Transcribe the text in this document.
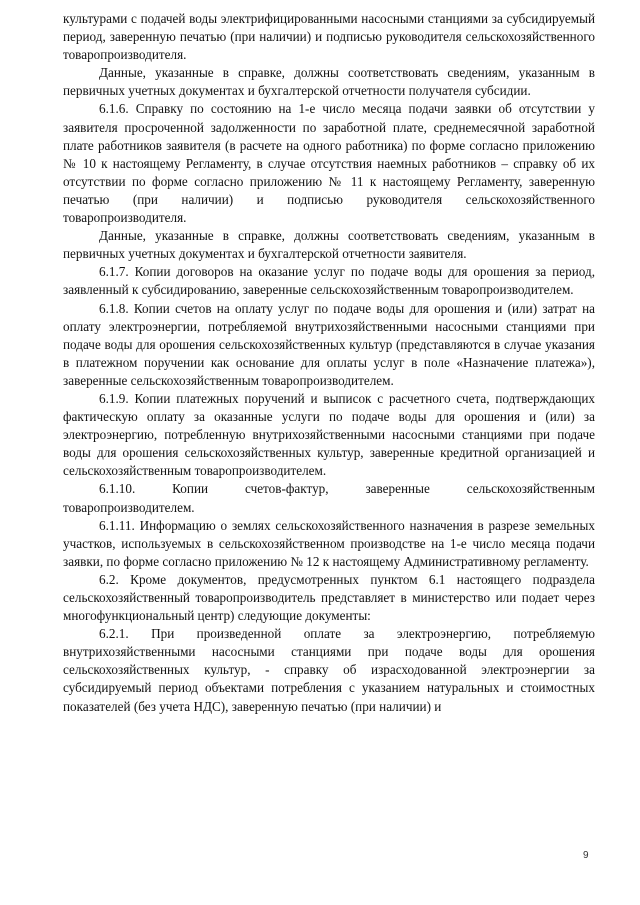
культурами с подачей воды электрифицированными насосными станциями за субсидируемый период, заверенную печатью (при наличии) и подписью руководителя сельскохозяйственного товаропроизводителя.

Данные, указанные в справке, должны соответствовать сведениям, указанным в первичных учетных документах и бухгалтерской отчетности получателя субсидии.

6.1.6. Справку по состоянию на 1-е число месяца подачи заявки об отсутствии у заявителя просроченной задолженности по заработной плате, среднемесячной заработной плате работников заявителя (в расчете на одного работника) по форме согласно приложению № 10 к настоящему Регламенту, в случае отсутствия наемных работников – справку об их отсутствии по форме согласно приложению № 11 к настоящему Регламенту, заверенную печатью (при наличии) и подписью руководителя сельскохозяйственного товаропроизводителя.

Данные, указанные в справке, должны соответствовать сведениям, указанным в первичных учетных документах и бухгалтерской отчетности заявителя.

6.1.7. Копии договоров на оказание услуг по подаче воды для орошения за период, заявленный к субсидированию, заверенные сельскохозяйственным товаропроизводителем.

6.1.8. Копии счетов на оплату услуг по подаче воды для орошения и (или) затрат на оплату электроэнергии, потребляемой внутрихозяйственными насосными станциями при подаче воды для орошения сельскохозяйственных культур (представляются в случае указания в платежном поручении как основание для оплаты услуг в поле «Назначение платежа»), заверенные сельскохозяйственным товаропроизводителем.

6.1.9. Копии платежных поручений и выписок с расчетного счета, подтверждающих фактическую оплату за оказанные услуги по подаче воды для орошения и (или) за электроэнергию, потребленную внутрихозяйственными насосными станциями при подаче воды для орошения сельскохозяйственных культур, заверенные кредитной организацией и сельскохозяйственным товаропроизводителем.

6.1.10. Копии счетов-фактур, заверенные сельскохозяйственным товаропроизводителем.

6.1.11. Информацию о землях сельскохозяйственного назначения в разрезе земельных участков, используемых в сельскохозяйственном производстве на 1-е число месяца подачи заявки, по форме согласно приложению № 12 к настоящему Административному регламенту.

6.2. Кроме документов, предусмотренных пунктом 6.1 настоящего подраздела сельскохозяйственный товаропроизводитель представляет в министерство или подает через многофункциональный центр) следующие документы:

6.2.1. При произведенной оплате за электроэнергию, потребляемую внутрихозяйственными насосными станциями при подаче воды для орошения сельскохозяйственных культур, - справку об израсходованной электроэнергии за субсидируемый период объектами потребления с указанием натуральных и стоимостных показателей (без учета НДС), заверенную печатью (при наличии) и

9
